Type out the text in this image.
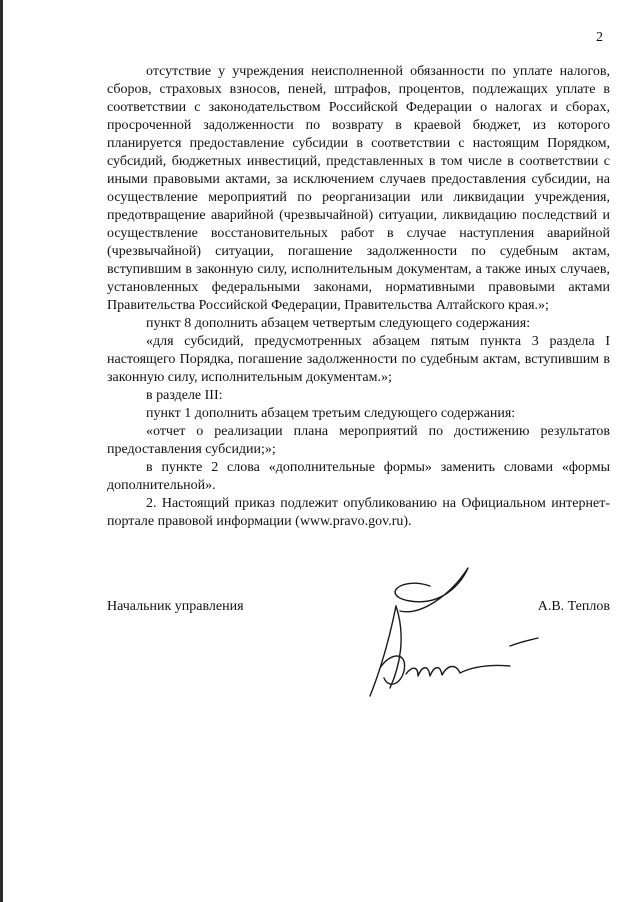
2

отсутствие у учреждения неисполненной обязанности по уплате налогов, сборов, страховых взносов, пеней, штрафов, процентов, подлежащих уплате в соответствии с законодательством Российской Федерации о налогах и сборах, просроченной задолженности по возврату в краевой бюджет, из которого планируется предоставление субсидии в соответствии с настоящим Порядком, субсидий, бюджетных инвестиций, представленных в том числе в соответствии с иными правовыми актами, за исключением случаев предоставления субсидии, на осуществление мероприятий по реорганизации или ликвидации учреждения, предотвращение аварийной (чрезвычайной) ситуации, ликвидацию последствий и осуществление восстановительных работ в случае наступления аварийной (чрезвычайной) ситуации, погашение задолженности по судебным актам, вступившим в законную силу, исполнительным документам, а также иных случаев, установленных федеральными законами, нормативными правовыми актами Правительства Российской Федерации, Правительства Алтайского края.»;

пункт 8 дополнить абзацем четвертым следующего содержания:

«для субсидий, предусмотренных абзацем пятым пункта 3 раздела I настоящего Порядка, погашение задолженности по судебным актам, вступившим в законную силу, исполнительным документам.»;

в разделе III:

пункт 1 дополнить абзацем третьим следующего содержания:

«отчет о реализации плана мероприятий по достижению результатов предоставления субсидии;»;

в пункте 2 слова «дополнительные формы» заменить словами «формы дополнительной».

2. Настоящий приказ подлежит опубликованию на Официальном интернет-портале правовой информации (www.pravo.gov.ru).

Начальник управления	А.В. Теплов
